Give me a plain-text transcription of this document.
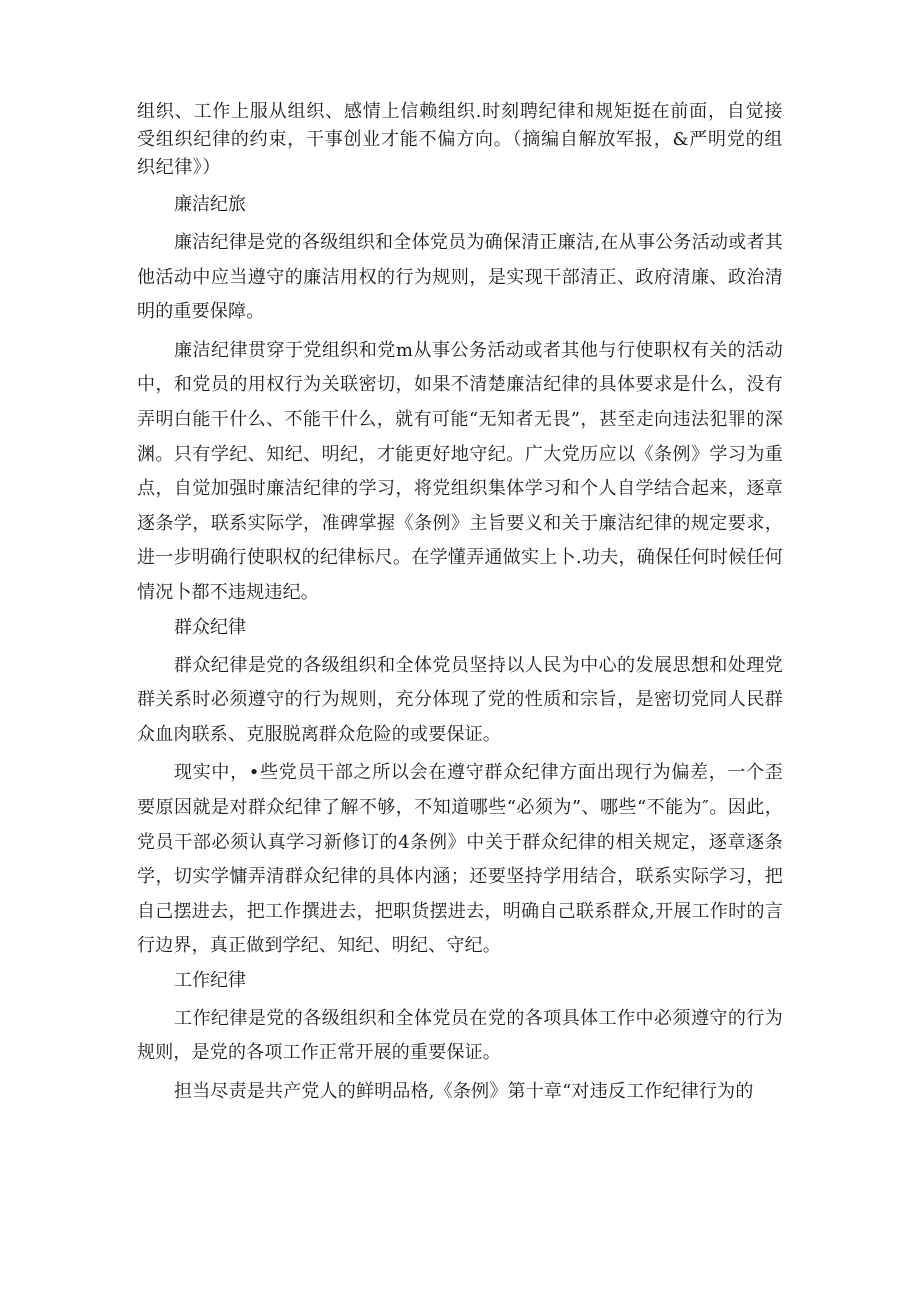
组织、工作上服从组织、感情上信赖组织.时刻聘纪律和规矩挺在前面，自觉接受组织纪律的约束，干事创业才能不偏方向。（摘编自解放军报，&严明党的组织纪律》）

廉洁纪旅

廉洁纪律是党的各级组织和全体党员为确保清正廉洁,在从事公务活动或者其他活动中应当遵守的廉洁用权的行为规则，是实现干部清正、政府清廉、政治清明的重要保障。

廉洁纪律贯穿于党组织和党m从事公务活动或者其他与行使职权有关的活动中，和党员的用权行为关联密切，如果不清楚廉洁纪律的具体要求是什么，没有弄明白能干什么、不能干什么，就有可能“无知者无畏”，甚至走向违法犯罪的深渊。只有学纪、知纪、明纪，才能更好地守纪。广大党历应以《条例》学习为重点，自觉加强时廉洁纪律的学习，将党组织集体学习和个人自学结合起来，逐章逐条学，联系实际学，准碑掌握《条例》主旨要义和关于廉洁纪律的规定要求，进一步明确行使职权的纪律标尺。在学懂弄通做实上卜.功夫，确保任何时候任何情况卜都不违规违纪。

群众纪律

群众纪律是党的各级组织和全体党员坚持以人民为中心的发展思想和处理党群关系时必须遵守的行为规则，充分体现了党的性质和宗旨，是密切党同人民群众血肉联系、克服脱离群众危险的或要保证。

现实中，•些党员干部之所以会在遵守群众纪律方面出现行为偏差，一个歪要原因就是对群众纪律了解不够，不知道哪些“必须为”、哪些“不能为″。因此，党员干部必须认真学习新修订的4条例》中关于群众纪律的相关规定，逐章逐条学，切实学慵弄清群众纪律的具体内涵；还要坚持学用结合，联系实际学习，把自己摆进去，把工作撰进去，把职货摆进去，明确自己联系群众,开展工作时的言行边界，真正做到学纪、知纪、明纪、守纪。

工作纪律

工作纪律是党的各级组织和全体党员在党的各项具体工作中必须遵守的行为规则，是党的各项工作正常开展的重要保证。

担当尽责是共产党人的鲜明品格,《条例》第十章“对违反工作纪律行为的
